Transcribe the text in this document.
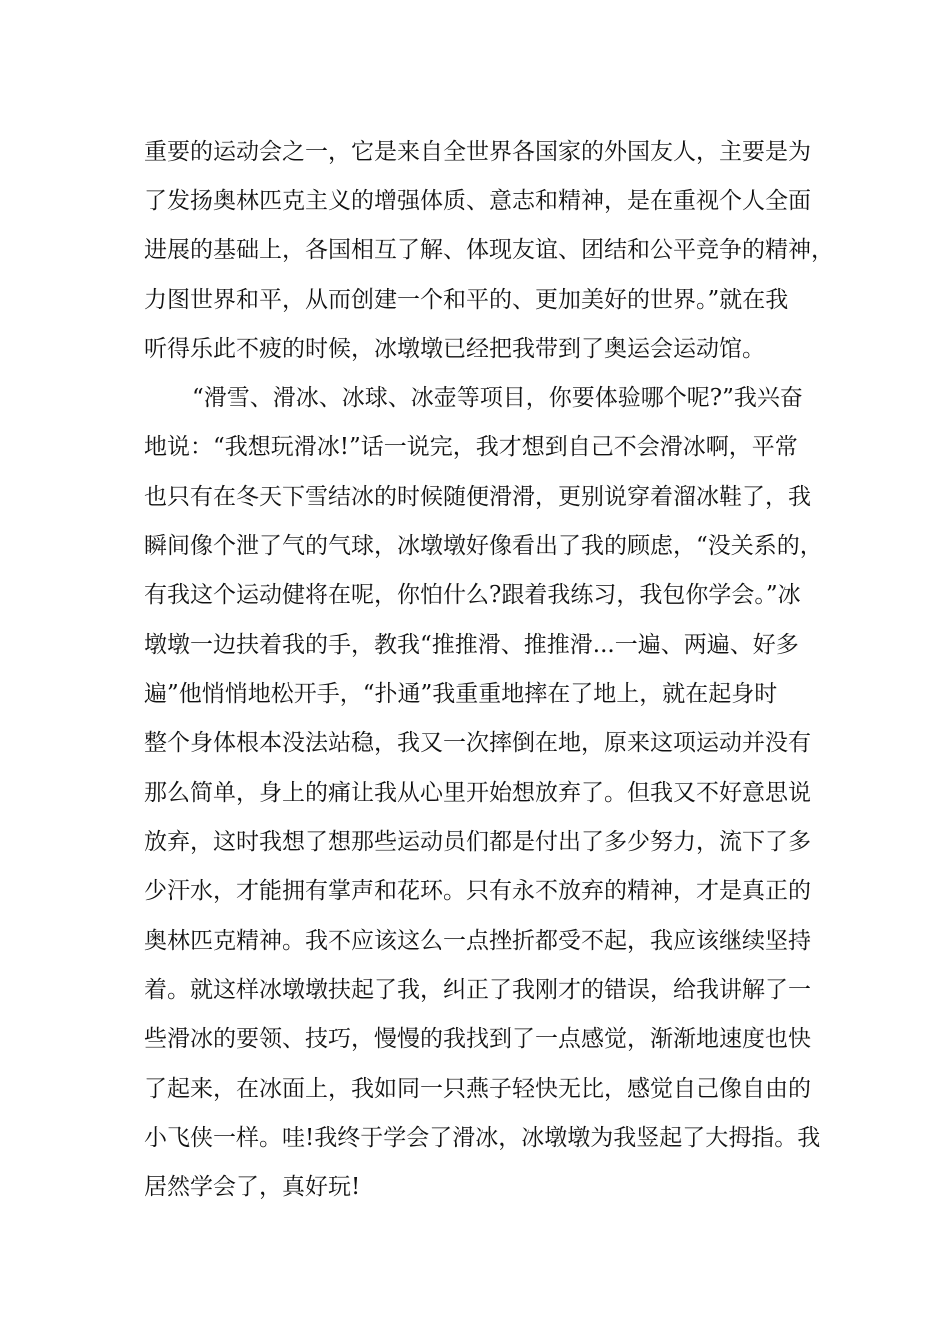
重要的运动会之一，它是来自全世界各国家的外国友人，主要是为

了发扬奥林匹克主义的增强体质、意志和精神，是在重视个人全面

进展的基础上，各国相互了解、体现友谊、团结和公平竞争的精神，

力图世界和平，从而创建一个和平的、更加美好的世界。”就在我

听得乐此不疲的时候，冰墩墩已经把我带到了奥运会运动馆。

“滑雪、滑冰、冰球、冰壶等项目，你要体验哪个呢?”我兴奋

地说：“我想玩滑冰!”话一说完，我才想到自己不会滑冰啊，平常

也只有在冬天下雪结冰的时候随便滑滑，更别说穿着溜冰鞋了，我

瞬间像个泄了气的气球，冰墩墩好像看出了我的顾虑，“没关系的，

有我这个运动健将在呢，你怕什么?跟着我练习，我包你学会。”冰

墩墩一边扶着我的手，教我“推推滑、推推滑...一遍、两遍、好多

遍”他悄悄地松开手，“扑通”我重重地摔在了地上，就在起身时

整个身体根本没法站稳，我又一次摔倒在地，原来这项运动并没有

那么简单，身上的痛让我从心里开始想放弃了。但我又不好意思说

放弃，这时我想了想那些运动员们都是付出了多少努力，流下了多

少汗水，才能拥有掌声和花环。只有永不放弃的精神，才是真正的

奥林匹克精神。我不应该这么一点挫折都受不起，我应该继续坚持

着。就这样冰墩墩扶起了我，纠正了我刚才的错误，给我讲解了一

些滑冰的要领、技巧，慢慢的我找到了一点感觉，渐渐地速度也快

了起来，在冰面上，我如同一只燕子轻快无比，感觉自己像自由的

小飞侠一样。哇!我终于学会了滑冰，冰墩墩为我竖起了大拇指。我

居然学会了，真好玩!
